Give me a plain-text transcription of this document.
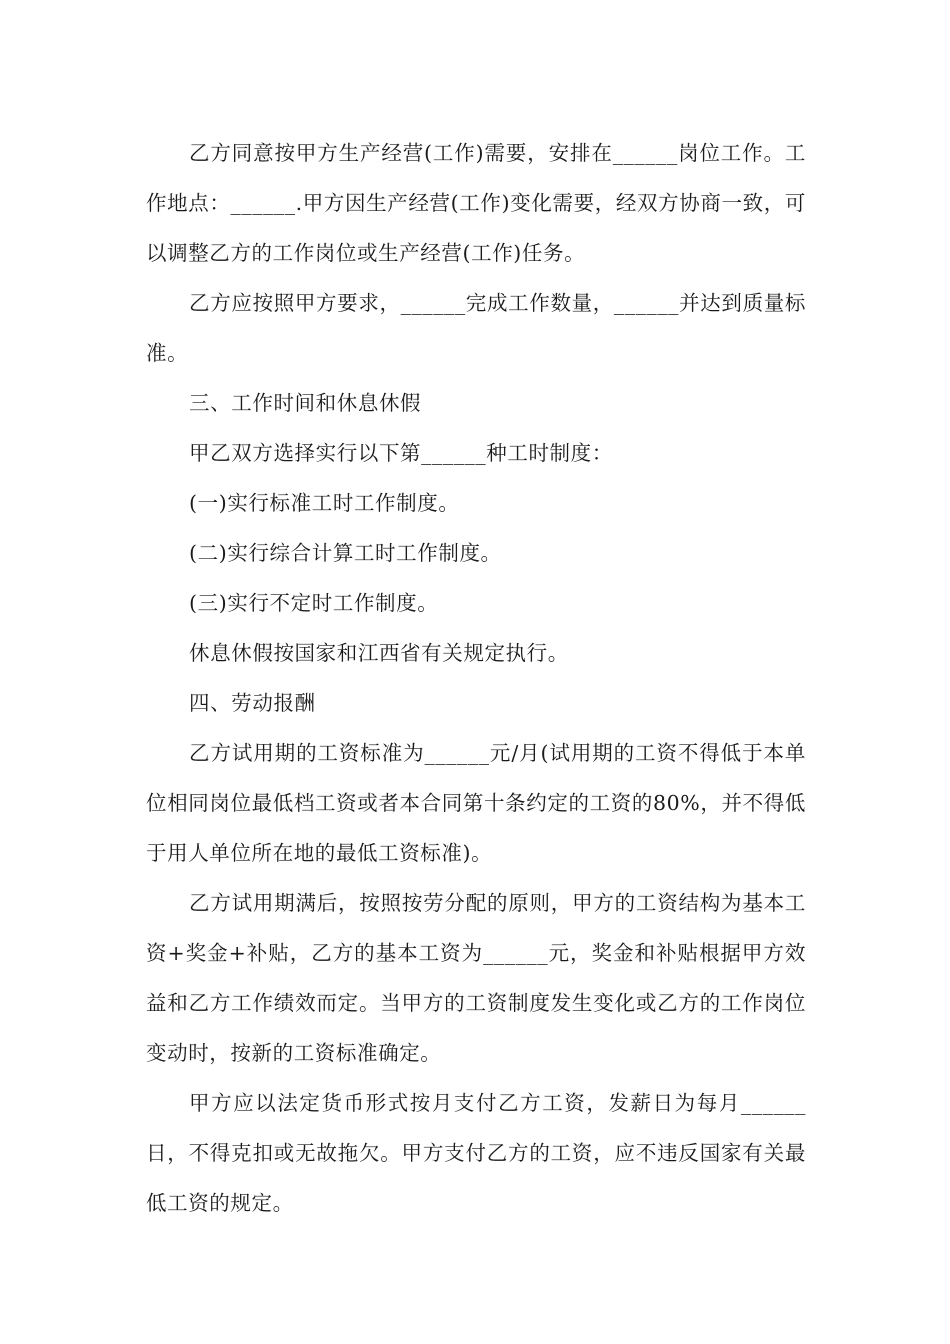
乙方同意按甲方生产经营(工作)需要，安排在______岗位工作。工作地点：______.甲方因生产经营(工作)变化需要，经双方协商一致，可以调整乙方的工作岗位或生产经营(工作)任务。

乙方应按照甲方要求，______完成工作数量，______并达到质量标准。

三、工作时间和休息休假

甲乙双方选择实行以下第______种工时制度：

(一)实行标准工时工作制度。

(二)实行综合计算工时工作制度。

(三)实行不定时工作制度。

休息休假按国家和江西省有关规定执行。

四、劳动报酬

乙方试用期的工资标准为______元/月(试用期的工资不得低于本单位相同岗位最低档工资或者本合同第十条约定的工资的80%，并不得低于用人单位所在地的最低工资标准)。

乙方试用期满后，按照按劳分配的原则，甲方的工资结构为基本工资+奖金+补贴，乙方的基本工资为______元，奖金和补贴根据甲方效益和乙方工作绩效而定。当甲方的工资制度发生变化或乙方的工作岗位变动时，按新的工资标准确定。

甲方应以法定货币形式按月支付乙方工资，发薪日为每月______日，不得克扣或无故拖欠。甲方支付乙方的工资，应不违反国家有关最低工资的规定。
